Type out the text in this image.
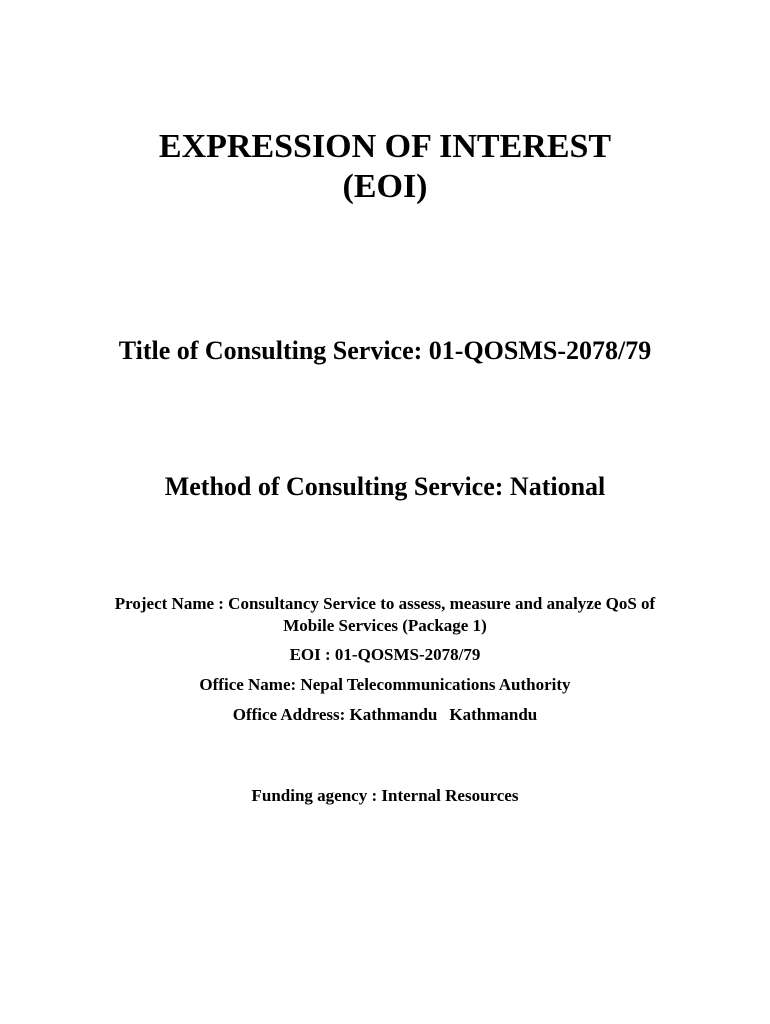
EXPRESSION OF INTEREST

(EOI)

Title of Consulting Service: 01-QOSMS-2078/79

Method of Consulting Service: National

Project Name : Consultancy Service to assess, measure and analyze QoS of

Mobile Services (Package 1)

EOI : 01-QOSMS-2078/79

Office Name: Nepal Telecommunications Authority

Office Address: Kathmandu Kathmandu

Funding agency : Internal Resources
